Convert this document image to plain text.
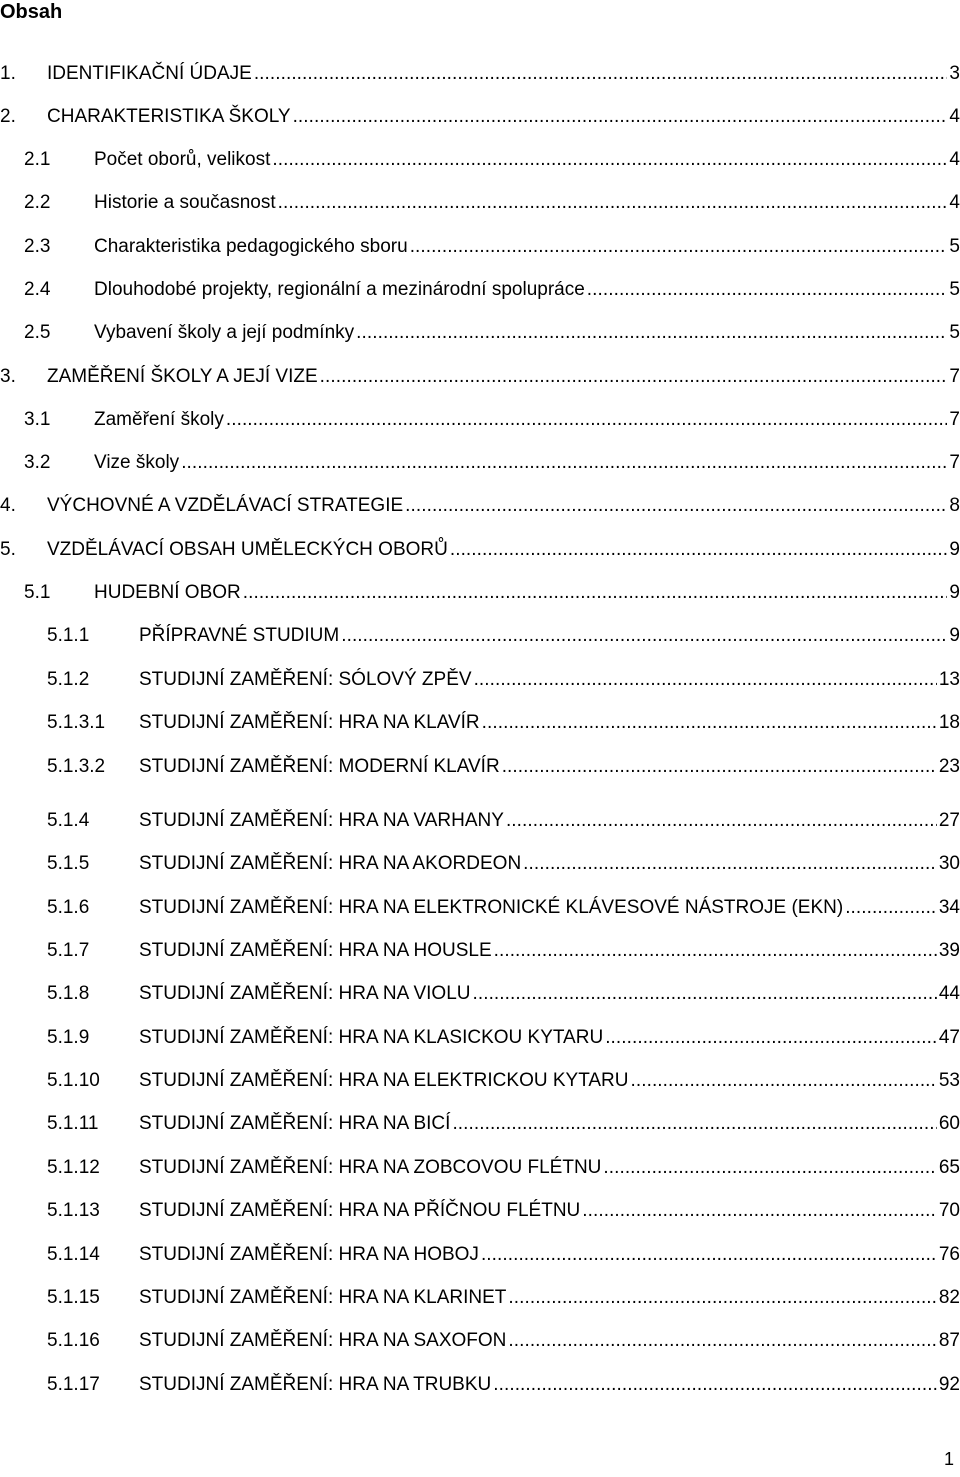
Obsah
1.	IDENTIFIKAČNÍ ÚDAJE . . .	3
2.	CHARAKTERISTIKA ŠKOLY . . .	4
2.1	Počet oborů, velikost . . .	4
2.2	Historie a současnost . . .	4
2.3	Charakteristika pedagogického sboru . . .	5
2.4	Dlouhodobé projekty, regionální a mezinárodní spolupráce . . .	5
2.5	Vybavení školy a její podmínky . . .	5
3.	ZAMĚŘENÍ ŠKOLY A JEJÍ VIZE . . .	7
3.1	Zaměření školy . . .	7
3.2	Vize školy . . .	7
4.	VÝCHOVNÉ A VZDĚLÁVACÍ STRATEGIE . . .	8
5.	VZDĚLÁVACÍ OBSAH UMĚLECKÝCH OBORŮ . . .	9
5.1	HUDEBNÍ OBOR . . .	9
5.1.1	PŘÍPRAVNÉ STUDIUM . . .	9
5.1.2	STUDIJNÍ ZAMĚŘENÍ: SÓLOVÝ ZPĚV . . .	13
5.1.3.1	STUDIJNÍ ZAMĚŘENÍ: HRA NA KLAVÍR . . .	18
5.1.3.2	STUDIJNÍ ZAMĚŘENÍ: MODERNÍ KLAVÍR . . .	23
5.1.4	STUDIJNÍ ZAMĚŘENÍ: HRA NA VARHANY . . .	27
5.1.5	STUDIJNÍ ZAMĚŘENÍ: HRA NA AKORDEON . . .	30
5.1.6	STUDIJNÍ ZAMĚŘENÍ: HRA NA ELEKTRONICKÉ KLÁVESOVÉ NÁSTROJE (EKN) . . .	34
5.1.7	STUDIJNÍ ZAMĚŘENÍ: HRA NA HOUSLE . . .	39
5.1.8	STUDIJNÍ ZAMĚŘENÍ: HRA NA VIOLU . . .	44
5.1.9	STUDIJNÍ ZAMĚŘENÍ: HRA NA KLASICKOU KYTARU . . .	47
5.1.10	STUDIJNÍ ZAMĚŘENÍ: HRA NA ELEKTRICKOU KYTARU . . .	53
5.1.11	STUDIJNÍ ZAMĚŘENÍ: HRA NA BICÍ . . .	60
5.1.12	STUDIJNÍ ZAMĚŘENÍ: HRA NA ZOBCOVOU FLÉTNU . . .	65
5.1.13	STUDIJNÍ ZAMĚŘENÍ: HRA NA PŘÍČNOU FLÉTNU . . .	70
5.1.14	STUDIJNÍ ZAMĚŘENÍ: HRA NA HOBOJ . . .	76
5.1.15	STUDIJNÍ ZAMĚŘENÍ: HRA NA KLARINET . . .	82
5.1.16	STUDIJNÍ ZAMĚŘENÍ: HRA NA SAXOFON . . .	87
5.1.17	STUDIJNÍ ZAMĚŘENÍ: HRA NA TRUBKU . . .	92
1
